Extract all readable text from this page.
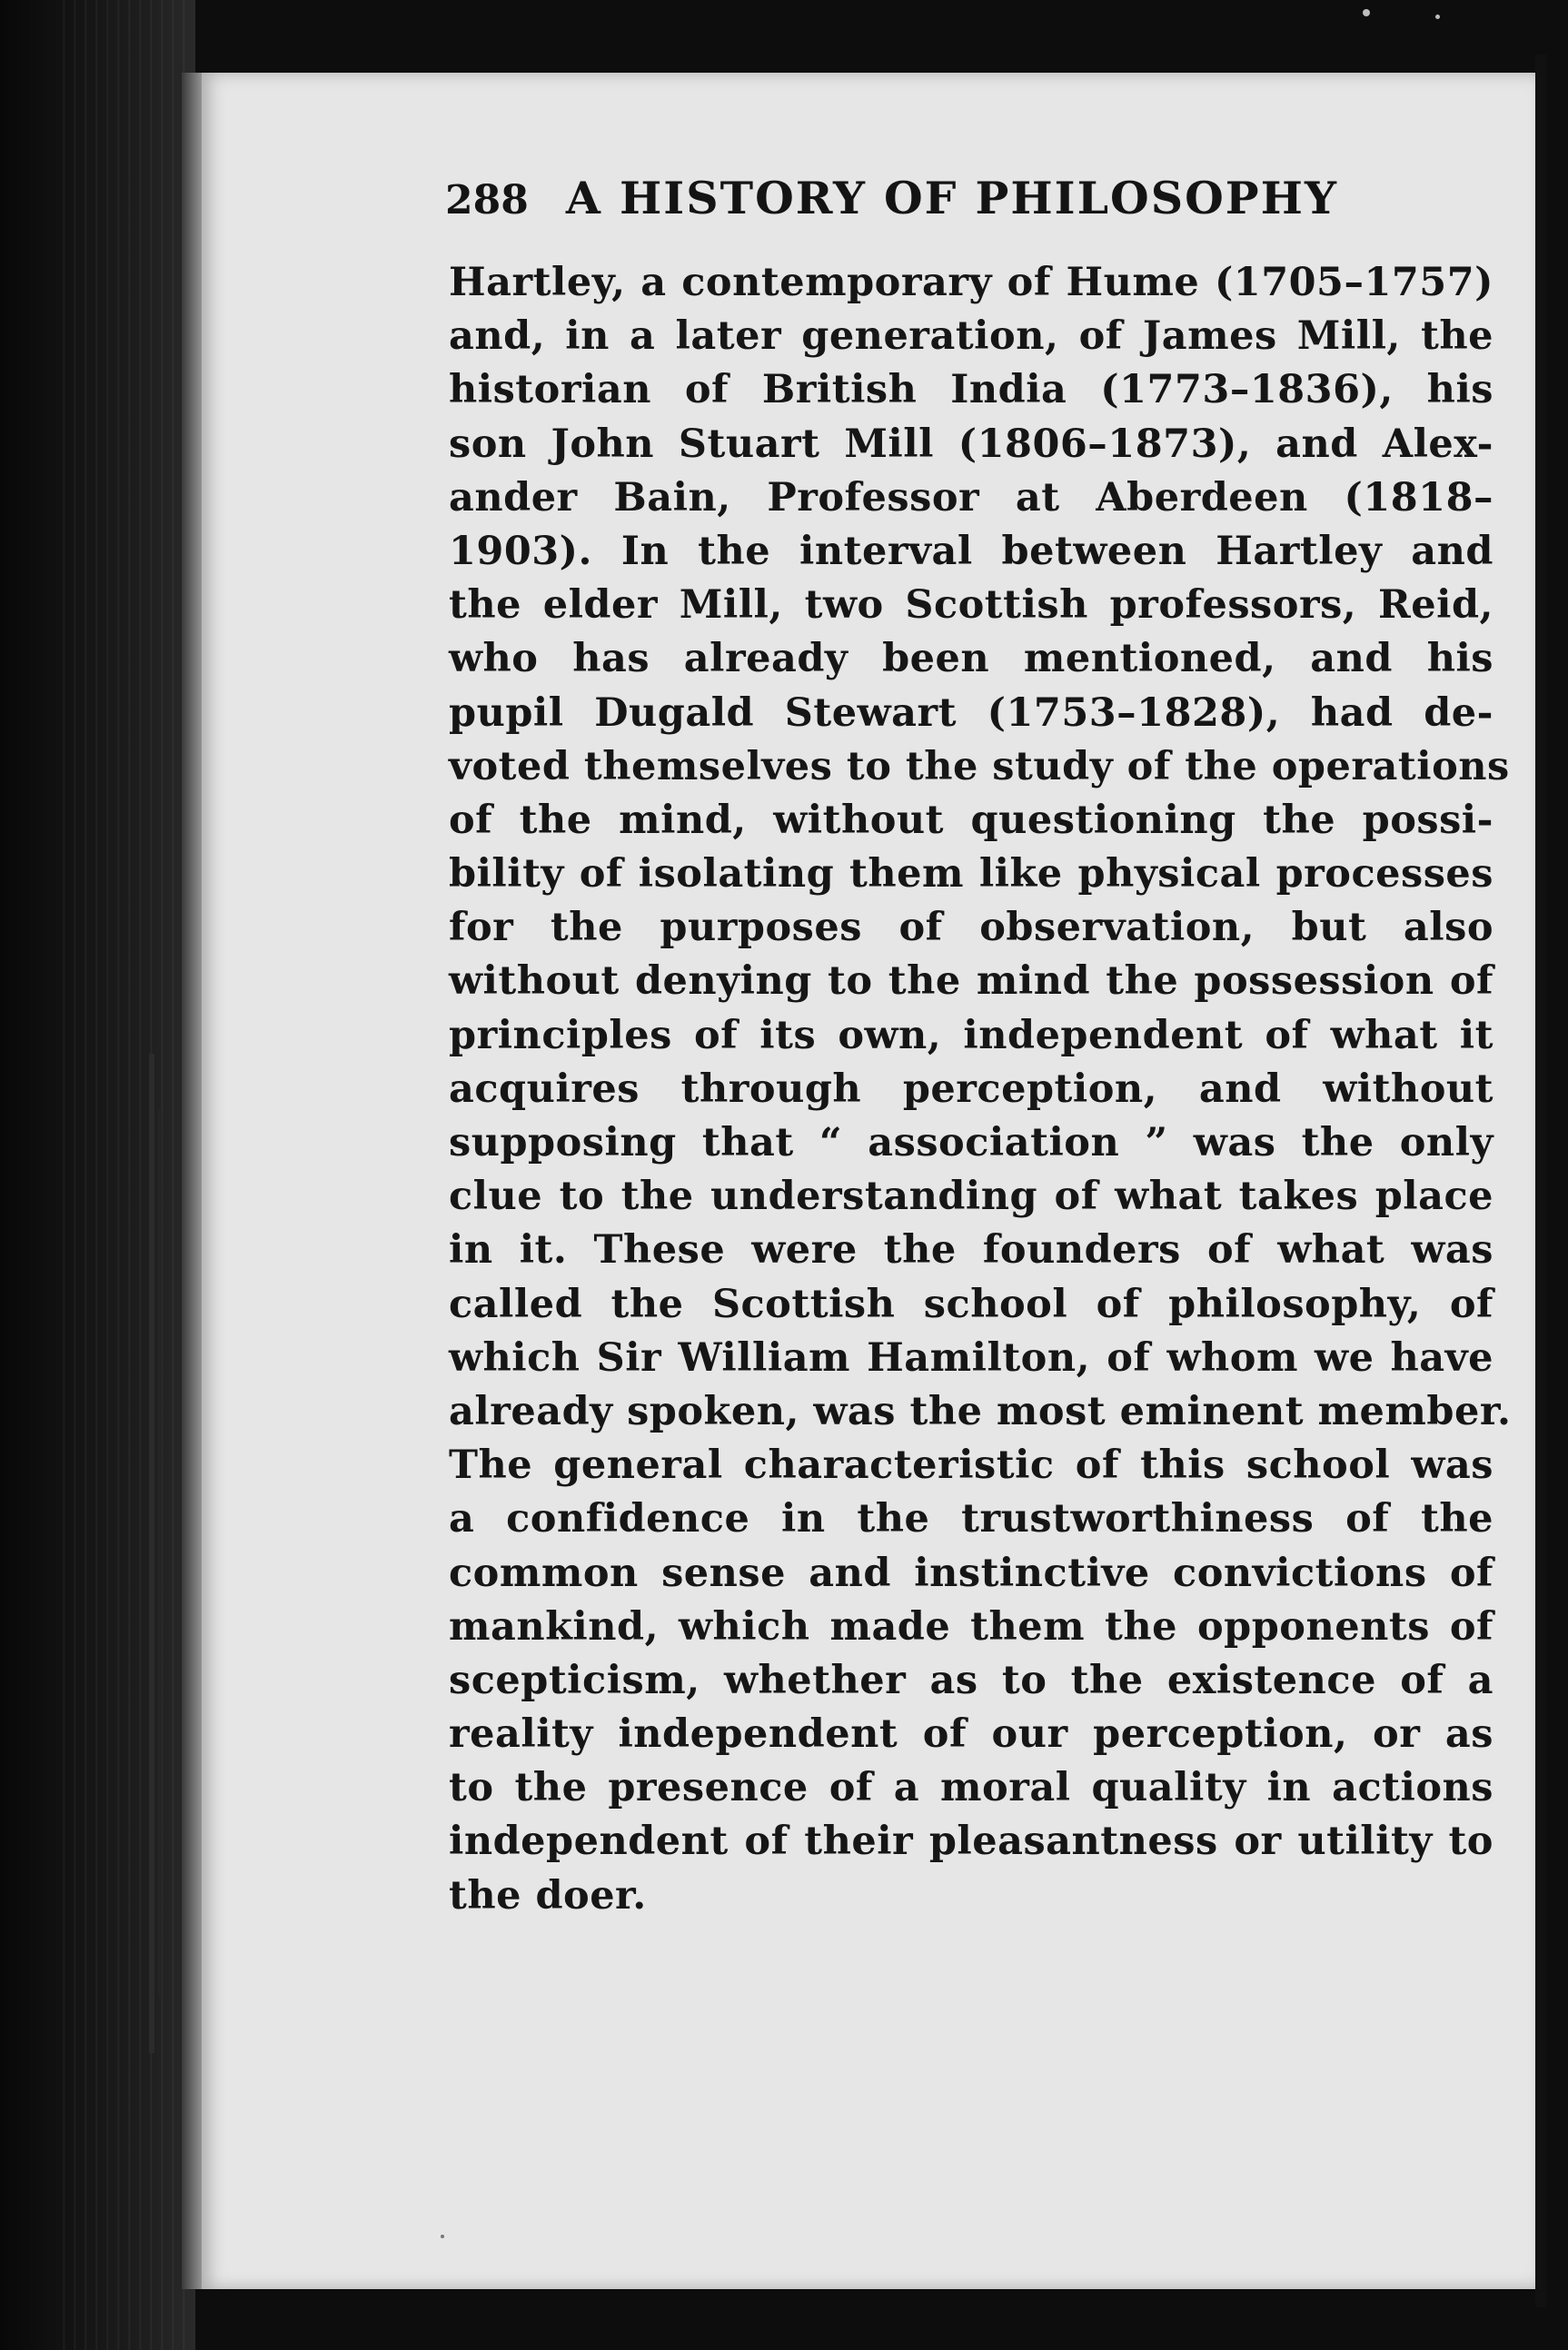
288 A HISTORY OF PHILOSOPHY
Hartley, a contemporary of Hume (1705–1757)
and, in a later generation, of James Mill, the
historian of British India (1773–1836), his
son John Stuart Mill (1806–1873), and Alex-
ander Bain, Professor at Aberdeen (1818–
1903). In the interval between Hartley and
the elder Mill, two Scottish professors, Reid,
who has already been mentioned, and his
pupil Dugald Stewart (1753–1828), had de-
voted themselves to the study of the operations
of the mind, without questioning the possi-
bility of isolating them like physical processes
for the purposes of observation, but also
without denying to the mind the possession of
principles of its own, independent of what it
acquires through perception, and without
supposing that “ association ” was the only
clue to the understanding of what takes place
in it. These were the founders of what was
called the Scottish school of philosophy, of
which Sir William Hamilton, of whom we have
already spoken, was the most eminent member.
The general characteristic of this school was
a confidence in the trustworthiness of the
common sense and instinctive convictions of
mankind, which made them the opponents of
scepticism, whether as to the existence of a
reality independent of our perception, or as
to the presence of a moral quality in actions
independent of their pleasantness or utility to
the doer.
